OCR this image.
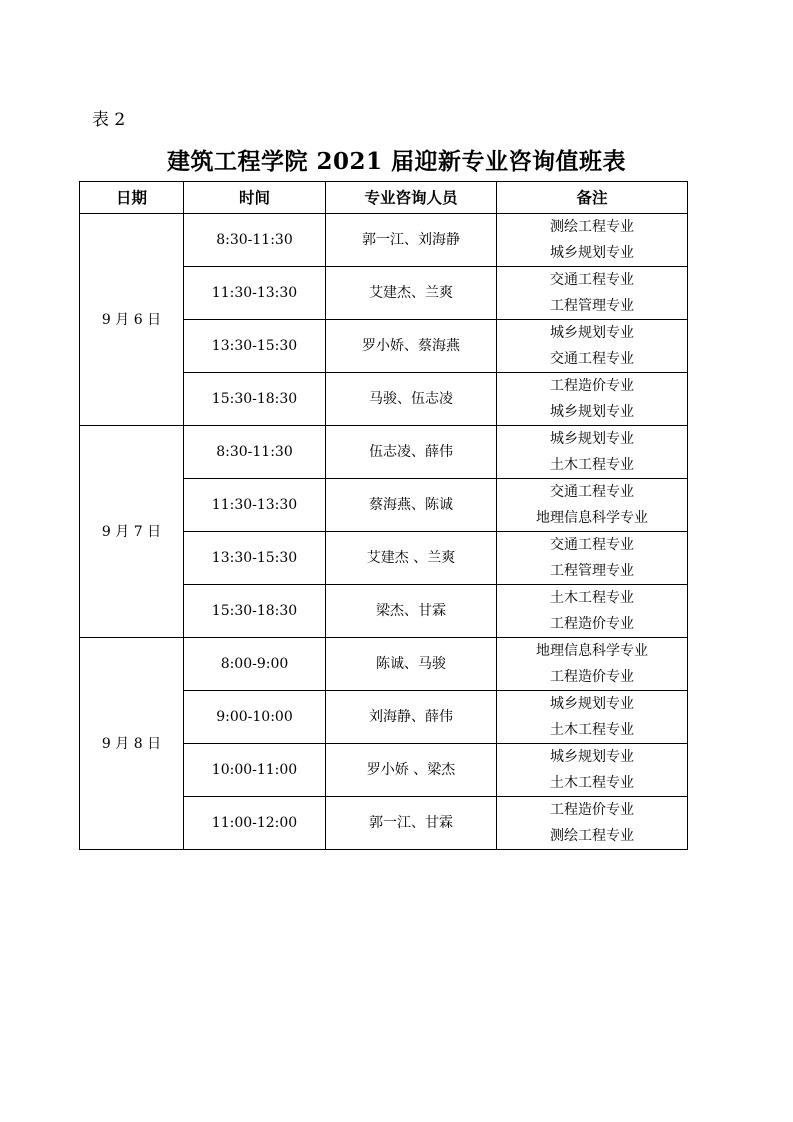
表 2
建筑工程学院 2021 届迎新专业咨询值班表
日期	时间	专业咨询人员	备注
9 月 6 日	8:30-11:30	郭一江、刘海静	测绘工程专业
城乡规划专业

	11:30-13:30	艾建杰、兰爽	交通工程专业
工程管理专业

	13:30-15:30	罗小娇、蔡海燕	城乡规划专业
交通工程专业

	15:30-18:30	马骏、伍志凌	工程造价专业
城乡规划专业

9 月 7 日	8:30-11:30	伍志凌、薛伟	城乡规划专业
土木工程专业

	11:30-13:30	蔡海燕、陈诚	交通工程专业
地理信息科学专业

	13:30-15:30	艾建杰 、兰爽	交通工程专业
工程管理专业

	15:30-18:30	梁杰、甘霖	土木工程专业
工程造价专业

9 月 8 日	8:00-9:00	陈诚、马骏	地理信息科学专业
工程造价专业

	9:00-10:00	刘海静、薛伟	城乡规划专业
土木工程专业

	10:00-11:00	罗小娇 、梁杰	城乡规划专业
土木工程专业

	11:00-12:00	郭一江、甘霖	工程造价专业
测绘工程专业
